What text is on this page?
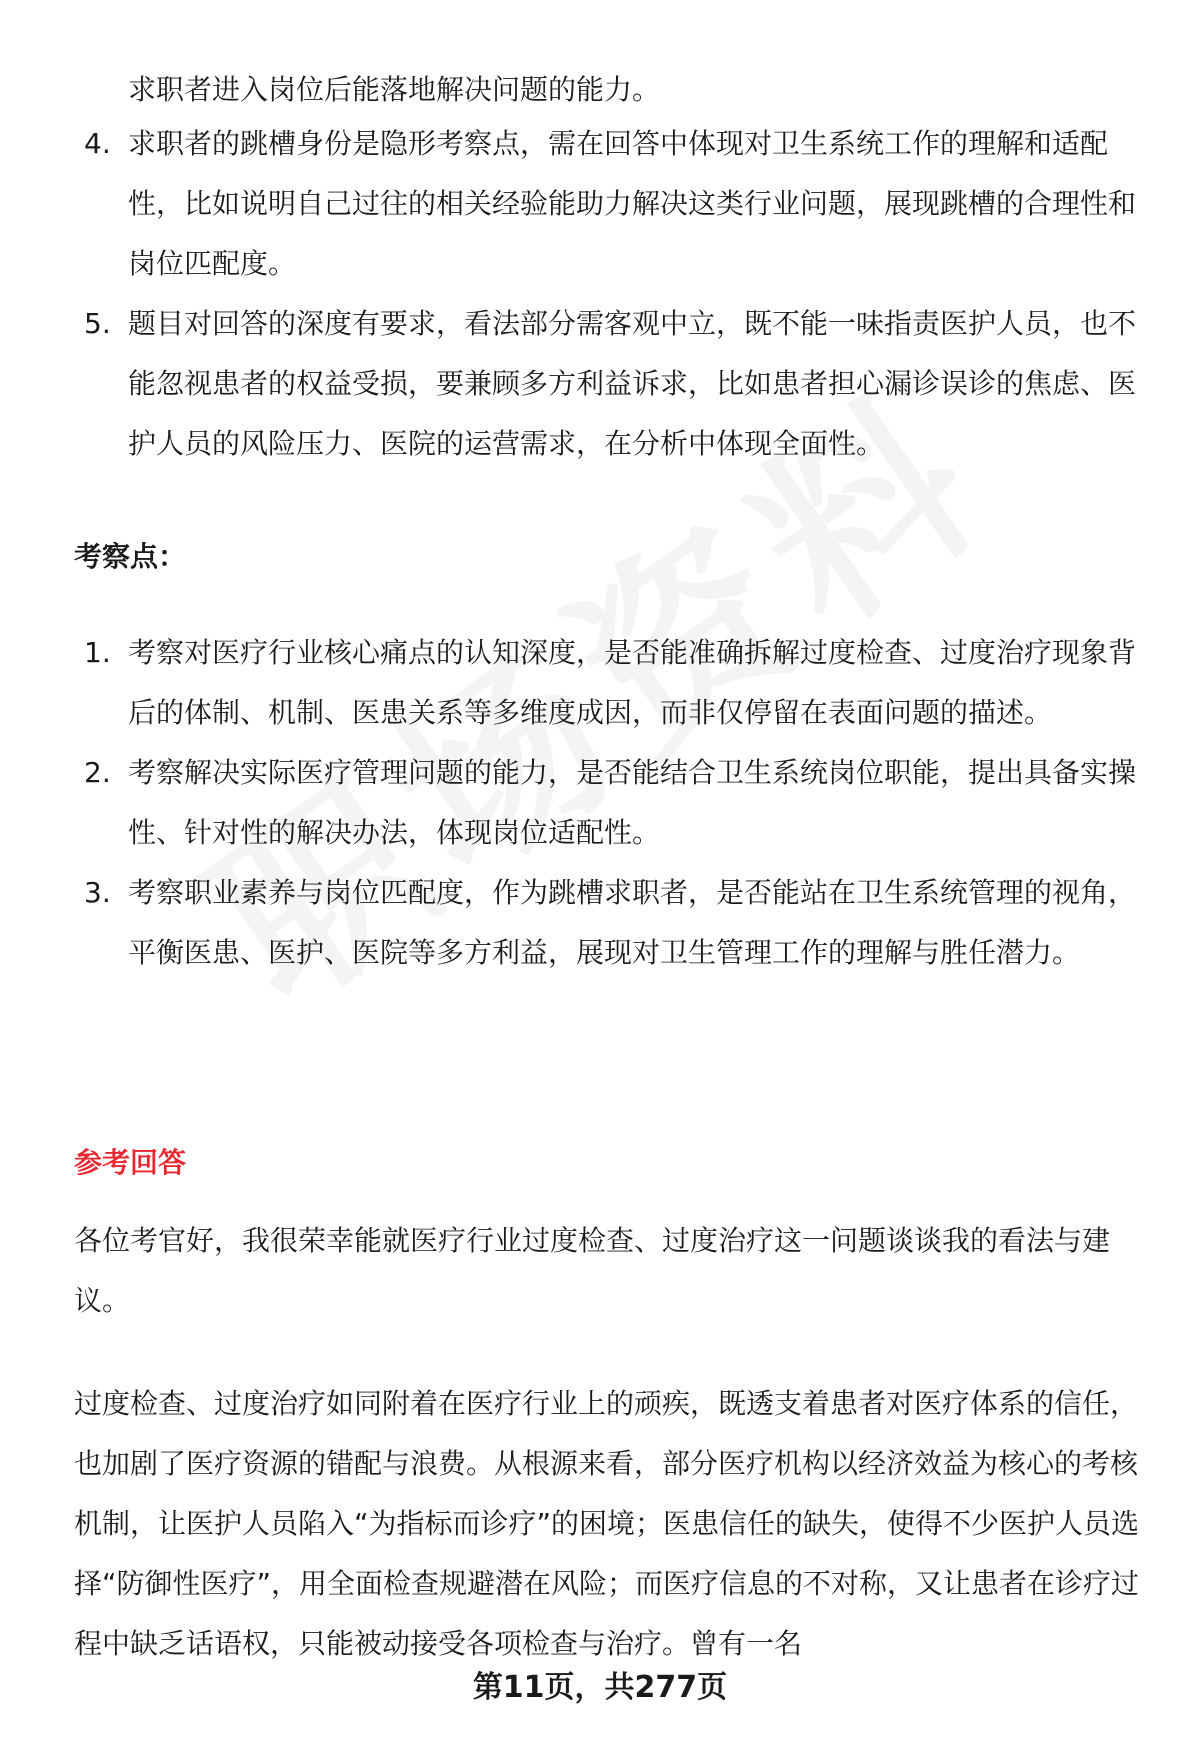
求职者进入岗位后能落地解决问题的能力。
4. 求职者的跳槽身份是隐形考察点，需在回答中体现对卫生系统工作的理解和适配性，比如说明自己过往的相关经验能助力解决这类行业问题，展现跳槽的合理性和岗位匹配度。
5. 题目对回答的深度有要求，看法部分需客观中立，既不能一味指责医护人员，也不能忽视患者的权益受损，要兼顾多方利益诉求，比如患者担心漏诊误诊的焦虑、医护人员的风险压力、医院的运营需求，在分析中体现全面性。
考察点：
1. 考察对医疗行业核心痛点的认知深度，是否能准确拆解过度检查、过度治疗现象背后的体制、机制、医患关系等多维度成因，而非仅停留在表面问题的描述。
2. 考察解决实际医疗管理问题的能力，是否能结合卫生系统岗位职能，提出具备实操性、针对性的解决办法，体现岗位适配性。
3. 考察职业素养与岗位匹配度，作为跳槽求职者，是否能站在卫生系统管理的视角，平衡医患、医护、医院等多方利益，展现对卫生管理工作的理解与胜任潜力。
参考回答

各位考官好，我很荣幸能就医疗行业过度检查、过度治疗这一问题谈谈我的看法与建议。

过度检查、过度治疗如同附着在医疗行业上的顽疾，既透支着患者对医疗体系的信任，也加剧了医疗资源的错配与浪费。从根源来看，部分医疗机构以经济效益为核心的考核机制，让医护人员陷入“为指标而诊疗”的困境；医患信任的缺失，使得不少医护人员选择“防御性医疗”，用全面检查规避潜在风险；而医疗信息的不对称，又让患者在诊疗过程中缺乏话语权，只能被动接受各项检查与治疗。曾有一名

第11页，共277页
